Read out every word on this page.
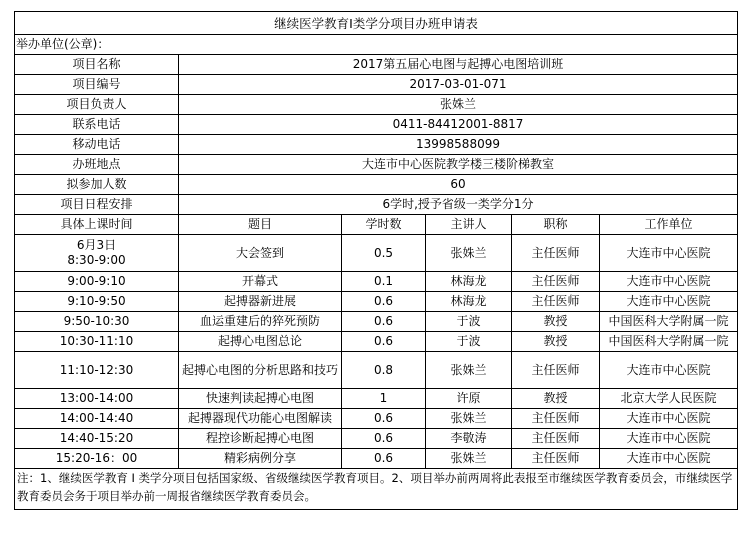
继续医学教育I类学分项目办班申请表					
举办单位(公章)：					
项目名称	2017第五届心电图与起搏心电图培训班				
项目编号	2017-03-01-071				
项目负责人	张姝兰				
联系电话	0411-84412001-8817				
移动电话	13998588099				
办班地点	大连市中心医院教学楼三楼阶梯教室				
拟参加人数	60				
项目日程安排	6学时,授予省级一类学分1分				
具体上课时间	题目	学时数	主讲人	职称	工作单位
6月3日
8:30-9:00	大会签到	0.5	张姝兰	主任医师	大连市中心医院
9:00-9:10	开幕式	0.1	林海龙	主任医师	大连市中心医院
9:10-9:50	起搏器新进展	0.6	林海龙	主任医师	大连市中心医院
9:50-10:30	血运重建后的猝死预防	0.6	于波	教授	中国医科大学附属一院
10:30-11:10	起搏心电图总论	0.6	于波	教授	中国医科大学附属一院
11:10-12:30	起搏心电图的分析思路和技巧	0.8	张姝兰	主任医师	大连市中心医院
13:00-14:00	快速判读起搏心电图	1	许原	教授	北京大学人民医院
14:00-14:40	起搏器现代功能心电图解读	0.6	张姝兰	主任医师	大连市中心医院
14:40-15:20	程控诊断起搏心电图	0.6	李敬涛	主任医师	大连市中心医院
15:20-16：00	精彩病例分享	0.6	张姝兰	主任医师	大连市中心医院
注：1、继续医学教育 I 类学分项目包括国家级、省级继续医学教育项目。2、项目举办前两周将此表报至市继续医学教育委员会，市继续医学教育委员会务于项目举办前一周报省继续医学教育委员会。					
